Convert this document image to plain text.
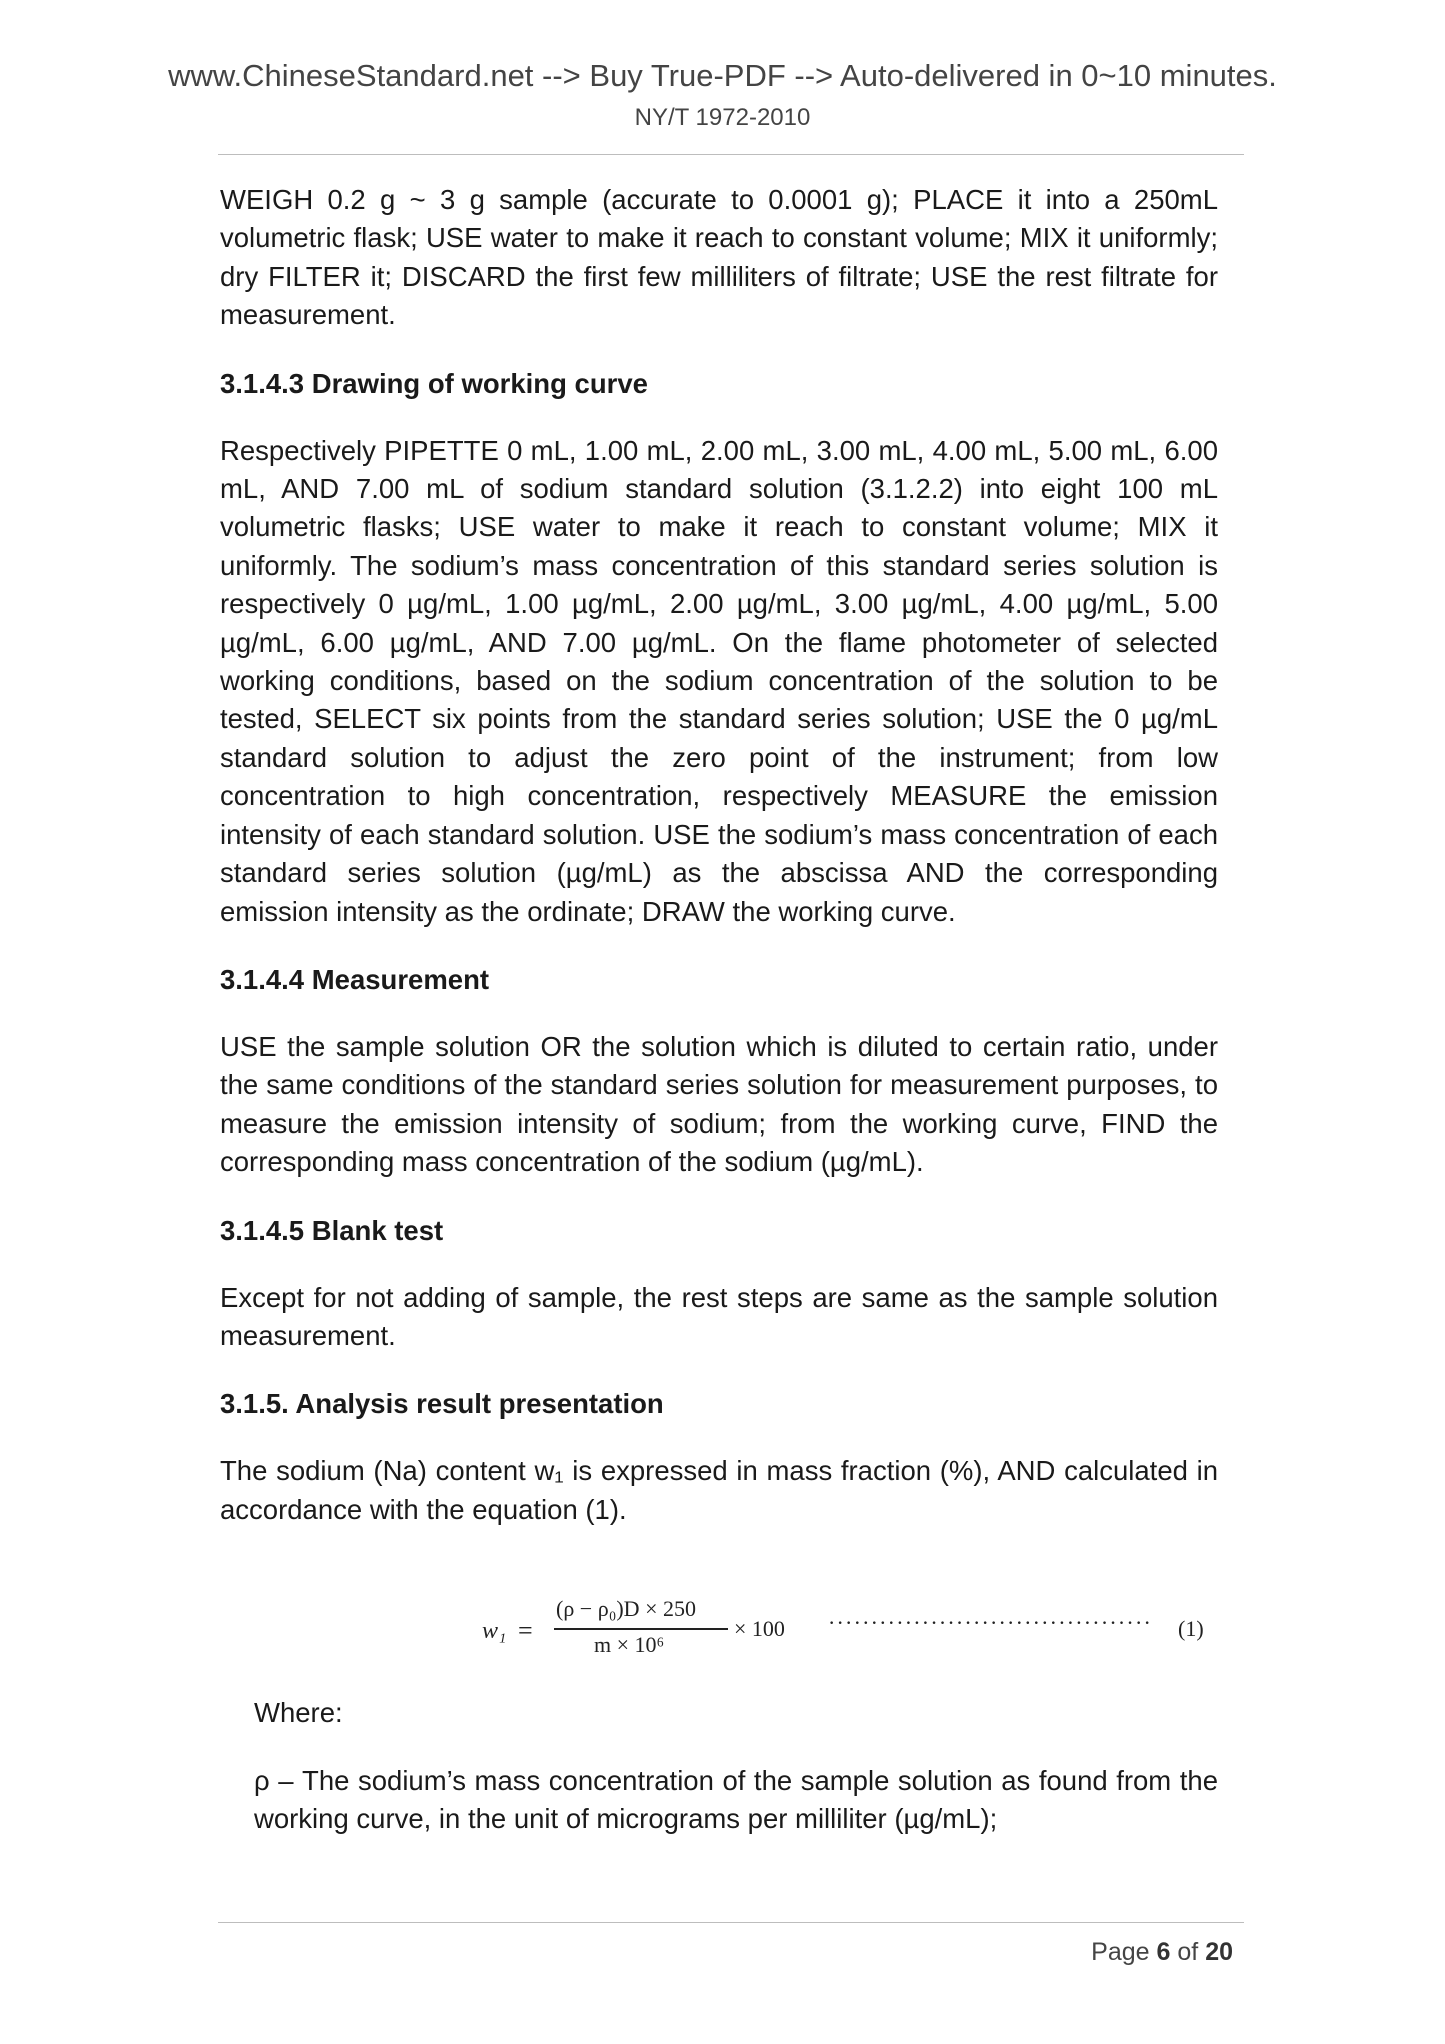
www.ChineseStandard.net --> Buy True-PDF --> Auto-delivered in 0~10 minutes.
NY/T 1972-2010

WEIGH 0.2 g ~ 3 g sample (accurate to 0.0001 g); PLACE it into a 250mL volumetric flask; USE water to make it reach to constant volume; MIX it uniformly; dry FILTER it; DISCARD the first few milliliters of filtrate; USE the rest filtrate for measurement.

3.1.4.3 Drawing of working curve

Respectively PIPETTE 0 mL, 1.00 mL, 2.00 mL, 3.00 mL, 4.00 mL, 5.00 mL, 6.00 mL, AND 7.00 mL of sodium standard solution (3.1.2.2) into eight 100 mL volumetric flasks; USE water to make it reach to constant volume; MIX it uniformly. The sodium’s mass concentration of this standard series solution is respectively 0 µg/mL, 1.00 µg/mL, 2.00 µg/mL, 3.00 µg/mL, 4.00 µg/mL, 5.00 µg/mL, 6.00 µg/mL, AND 7.00 µg/mL. On the flame photometer of selected working conditions, based on the sodium concentration of the solution to be tested, SELECT six points from the standard series solution; USE the 0 µg/mL standard solution to adjust the zero point of the instrument; from low concentration to high concentration, respectively MEASURE the emission intensity of each standard solution. USE the sodium’s mass concentration of each standard series solution (µg/mL) as the abscissa AND the corresponding emission intensity as the ordinate; DRAW the working curve.

3.1.4.4 Measurement

USE the sample solution OR the solution which is diluted to certain ratio, under the same conditions of the standard series solution for measurement purposes, to measure the emission intensity of sodium; from the working curve, FIND the corresponding mass concentration of the sodium (µg/mL).

3.1.4.5 Blank test

Except for not adding of sample, the rest steps are same as the sample solution measurement.

3.1.5. Analysis result presentation

The sodium (Na) content w₁ is expressed in mass fraction (%), AND calculated in accordance with the equation (1).

w₁ =
(ρ − ρ₀)D × 250
m × 10⁶
× 100 ······································ (1)
Where:
ρ – The sodium’s mass concentration of the sample solution as found from the working curve, in the unit of micrograms per milliliter (µg/mL);
Page 6 of 20
